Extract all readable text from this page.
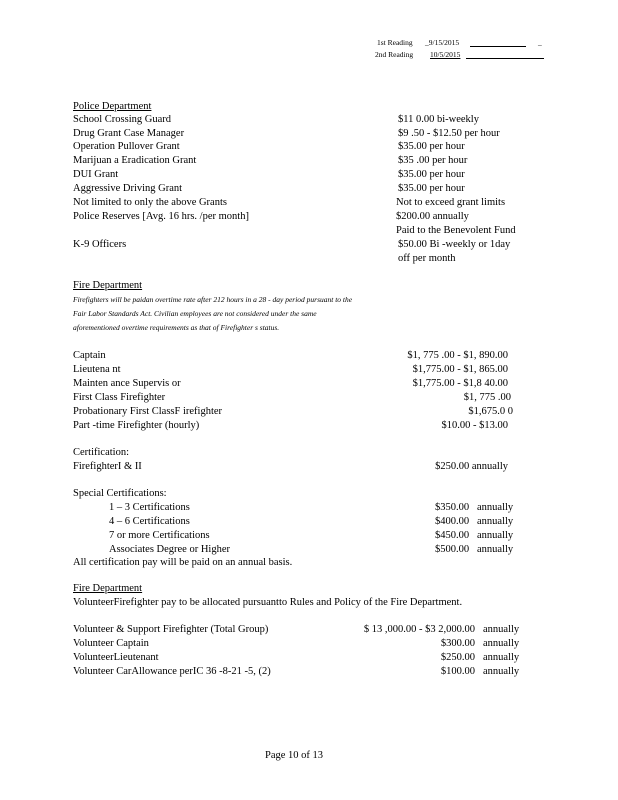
1st Reading _9/15/2015	_
2nd Reading 10/5/2015
Police Department
School Crossing Guard	$11 0.00 bi-weekly
Drug Grant Case Manager	$9 .50 - $12.50 per hour
Operation Pullover Grant	$35.00 per hour
Marijuan a Eradication Grant	$35 .00 per hour
DUI Grant	$35.00 per hour
Aggressive Driving Grant	$35.00 per hour
Not limited to only the above Grants	Not to exceed grant limits
Police Reserves [Avg. 16 hrs. /per month]	$200.00 annually
Paid to the Benevolent Fund
K-9 Officers	$50.00 Bi -weekly or 1day
off per month
Fire Department
Firefighters will be paidan overtime rate after 212 hours in a 28 - day period pursuant to the
Fair Labor Standards Act. Civilian employees are not considered under the same
aforementioned overtime requirements as that of Firefighter s status.
Captain	$1, 775 .00 - $1, 890.00
Lieutena nt	$1,775.00 - $1, 865.00
Mainten ance Supervis or	$1,775.00 - $1,8 40.00
First Class Firefighter	$1, 775 .00
Probationary First ClassF irefighter	$1,675.0 0
Part -time Firefighter (hourly)	$10.00 - $13.00
Certification:
FirefighterI & II	$250.00 annually
Special Certifications:
1 – 3 Certifications	$350.00 annually
4 – 6 Certifications	$400.00 annually
7 or more Certifications	$450.00 annually
Associates Degree or Higher	$500.00 annually
All certification pay will be paid on an annual basis.
Fire Department
VolunteerFirefighter pay to be allocated pursuantto Rules and Policy of the Fire Department.
Volunteer & Support Firefighter (Total Group)	$ 13 ,000.00 - $3 2,000.00 annually
Volunteer Captain	$300.00 annually
VolunteerLieutenant	$250.00 annually
Volunteer CarAllowance perIC 36 -8-21 -5, (2)	$100.00 annually
Page 10 of 13
